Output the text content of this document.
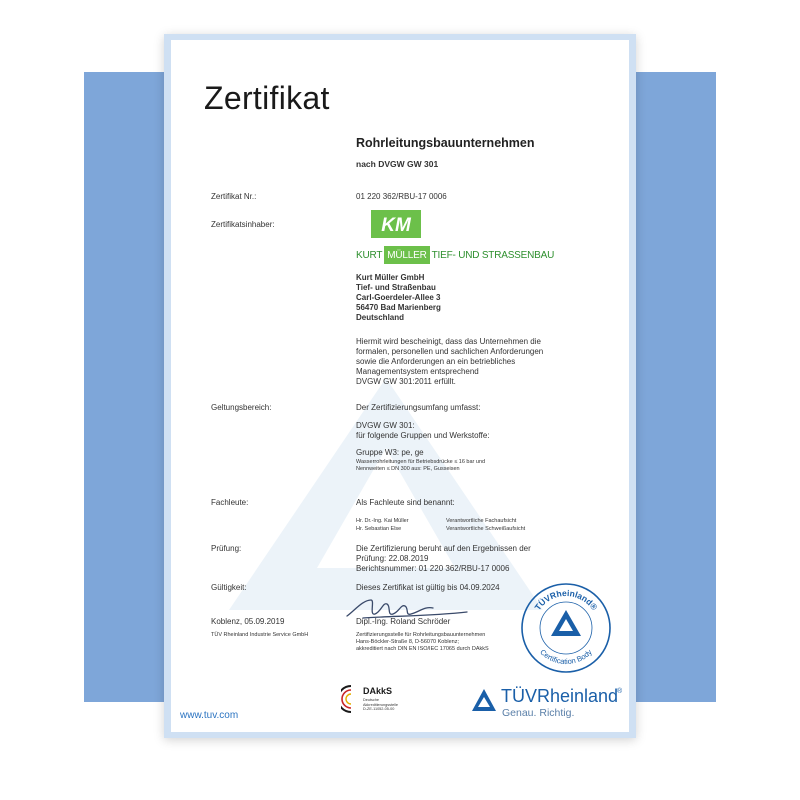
Zertifikat
Rohrleitungsbauunternehmen
nach DVGW GW 301
Zertifikat Nr.:	01 220 362/RBU-17 0006
Zertifikatsinhaber:	KM
KURT MÜLLER TIEF- UND STRASSENBAU
Kurt Müller GmbH
Tief- und Straßenbau
Carl-Goerdeler-Allee 3
56470 Bad Marienberg
Deutschland
Hiermit wird bescheinigt, dass das Unternehmen die
formalen, personellen und sachlichen Anforderungen
sowie die Anforderungen an ein betriebliches
Managementsystem entsprechend
DVGW GW 301:2011 erfüllt.
Geltungsbereich:	Der Zertifizierungsumfang umfasst:
DVGW GW 301:
für folgende Gruppen und Werkstoffe:
Gruppe W3: pe, ge
Wasserrohrleitungen für Betriebsdrücke ≤ 16 bar und
Nennweiten ≤ DN 300 aus: PE, Gusseisen
Fachleute:	Als Fachleute sind benannt:
Hr. Dr.-Ing. Kai Müller	Verantwortliche Fachaufsicht
Hr. Sebastian Else	Verantwortliche Schweißaufsicht
Prüfung:	Die Zertifizierung beruht auf den Ergebnissen der
Prüfung: 22.08.2019
Berichtsnummer: 01 220 362/RBU-17 0006
Gültigkeit:	Dieses Zertifikat ist gültig bis 04.09.2024
Koblenz, 05.09.2019	Dipl.-Ing. Roland Schröder
TÜV Rheinland Industrie Service GmbH	Zertifizierungsstelle für Rohrleitungsbauunternehmen
Hans-Böckler-Straße 8, D-56070 Koblenz;
akkreditiert nach DIN EN ISO/IEC 17065 durch DAkkS
TÜVRheinland®
Certification Body
DAkkS
Deutsche
Akkreditierungsstelle
D-ZE-11052-05-00
TÜVRheinland
®
Genau. Richtig.
www.tuv.com
